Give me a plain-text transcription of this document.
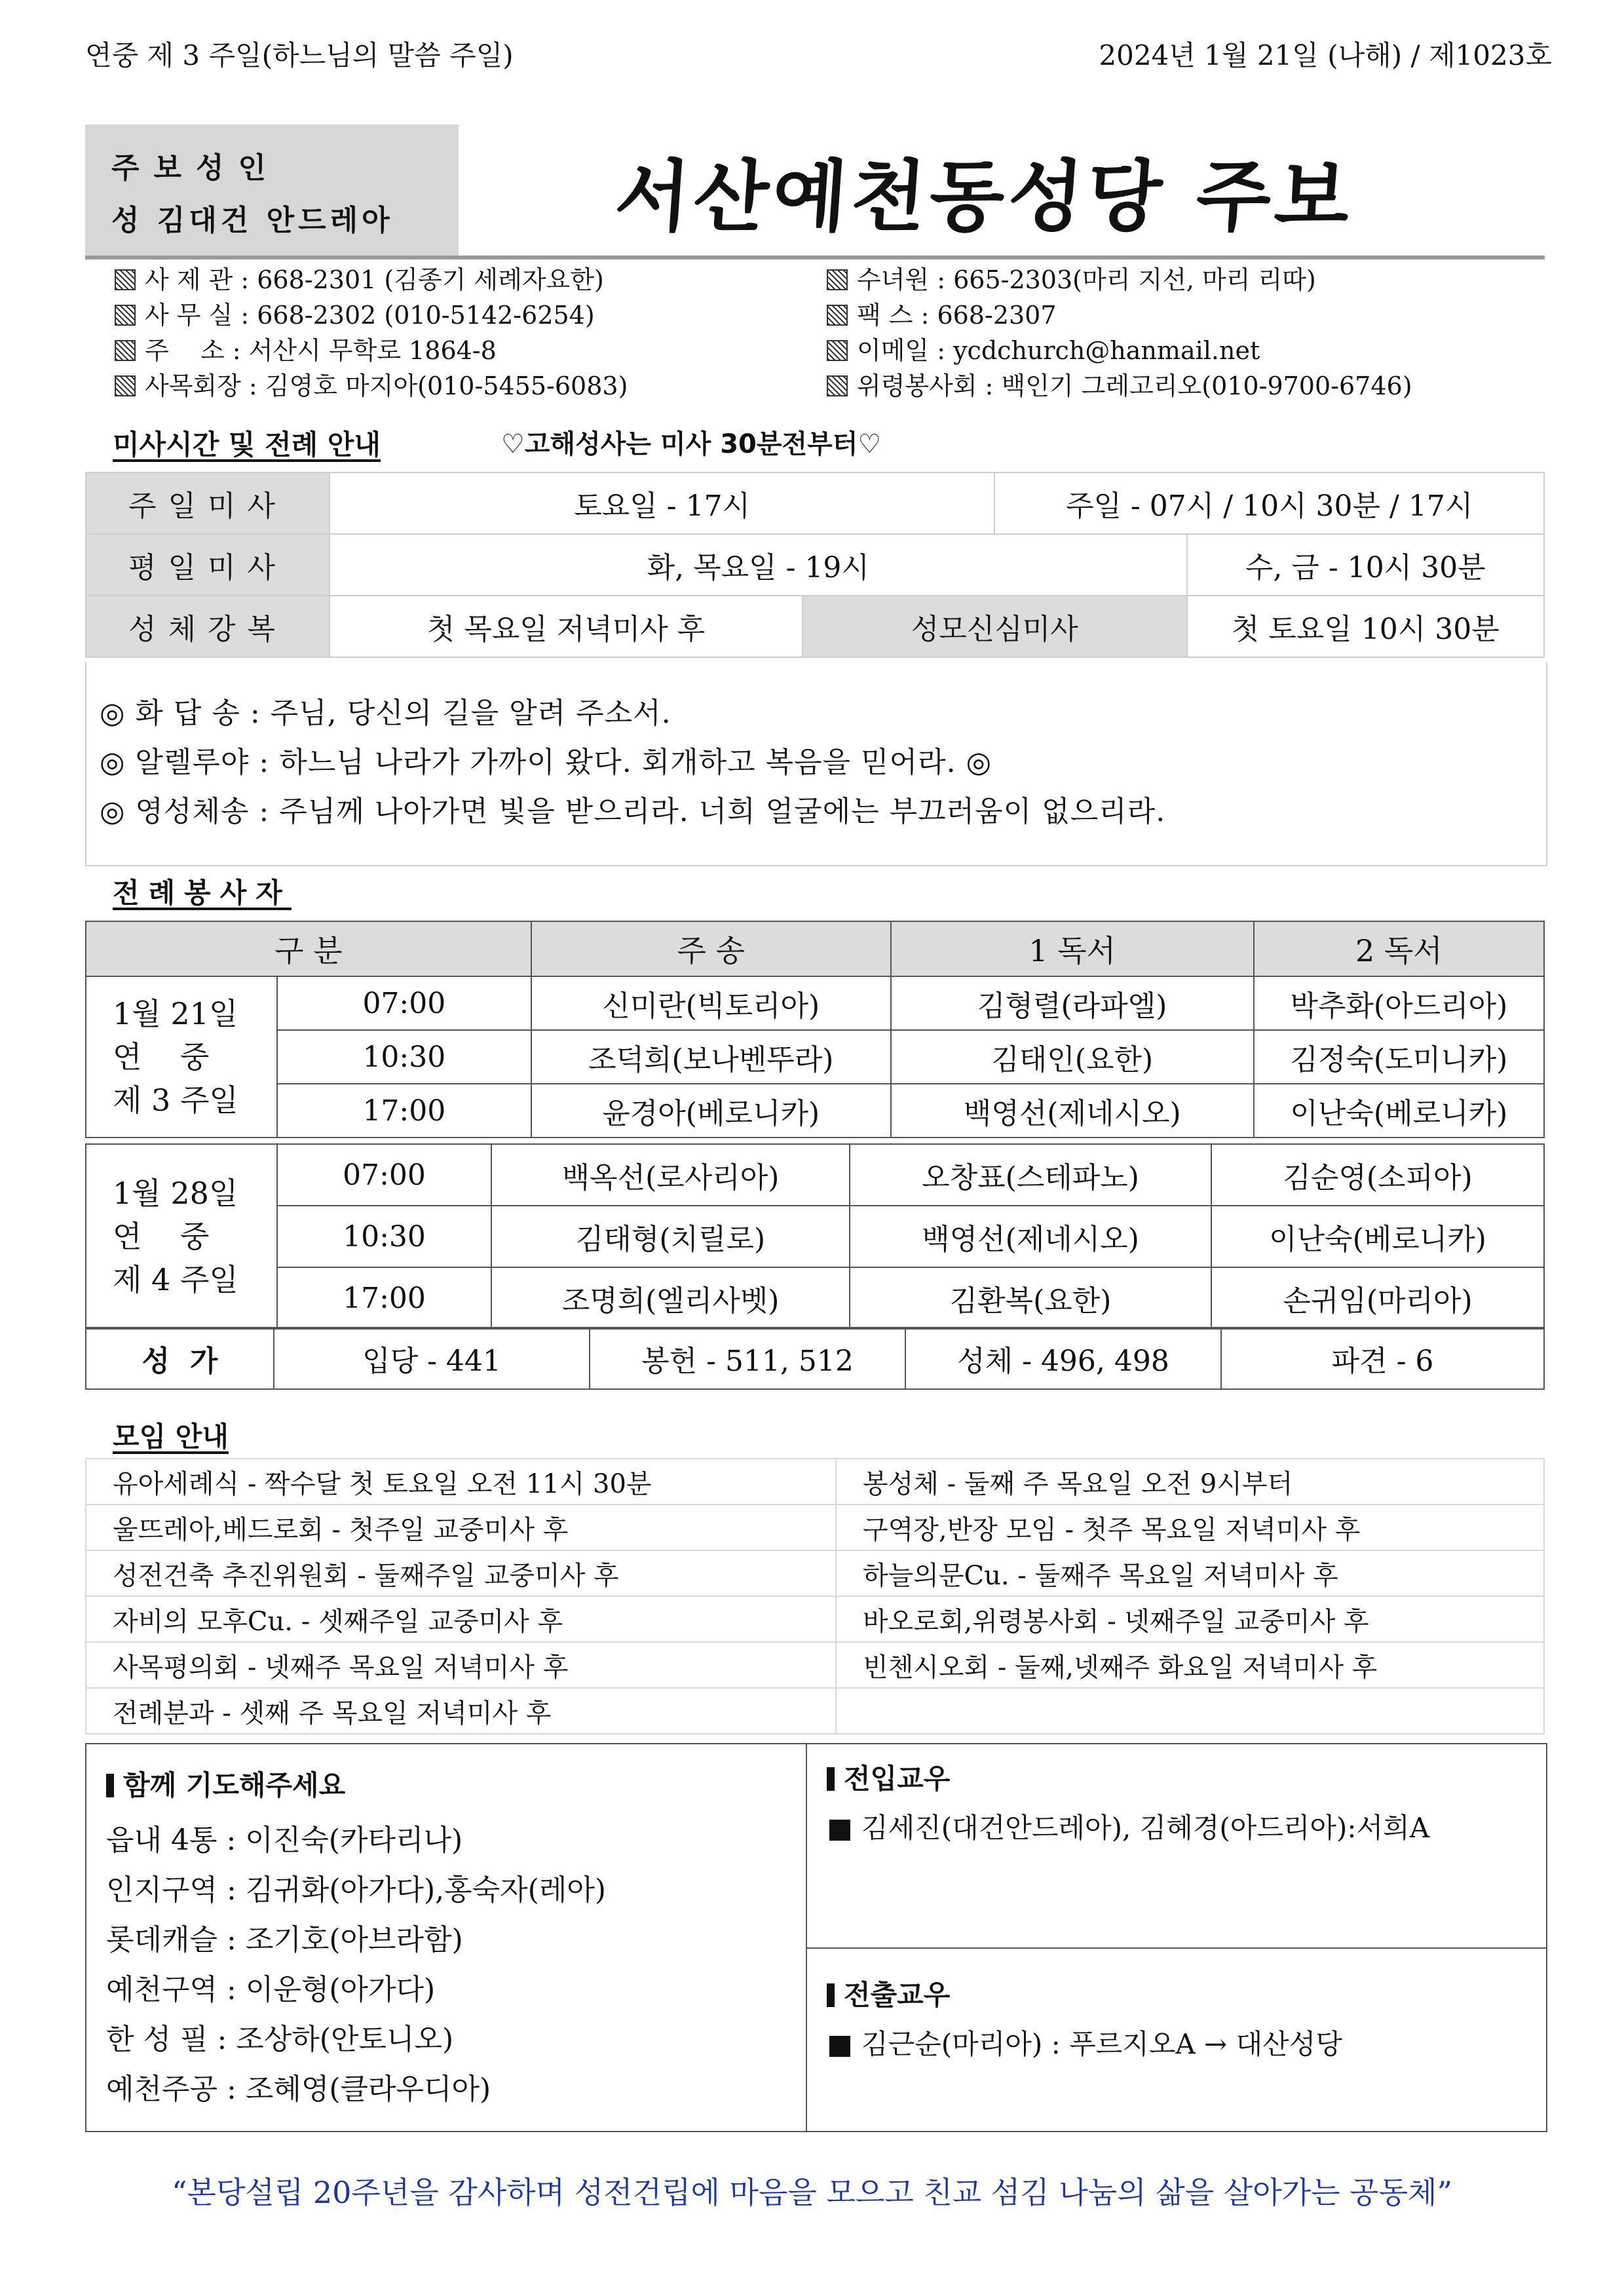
연중 제 3 주일(하느님의 말씀 주일)	2024년 1월 21일 (나해) / 제1023호
주보성인
성 김대건 안드레아	서산예천동성당 주보
사 제 관 : 668-2301 (김종기 세례자요한)
사 무 실 : 668-2302 (010-5142-6254)
주    소 : 서산시 무학로 1864-8
사목회장 : 김영호 마지아(010-5455-6083)
수녀원 : 665-2303(마리 지선, 마리 리따)
팩 스 : 668-2307
이메일 : ycdchurch@hanmail.net
위령봉사회 : 백인기 그레고리오(010-9700-6746)
미사시간 및 전례 안내	♡고해성사는 미사 30분전부터♡
주일미사	토요일 - 17시		주일 - 07시 / 10시 30분 / 17시	
평일미사	화, 목요일 - 19시			수, 금 - 10시 30분
성체강복	첫 목요일 저녁미사 후	성모신심미사		첫 토요일 10시 30분
◎ 화 답 송 : 주님, 당신의 길을 알려 주소서.
◎ 알렐루야 : 하느님 나라가 가까이 왔다. 회개하고 복음을 믿어라. ◎
◎ 영성체송 : 주님께 나아가면 빛을 받으리라. 너희 얼굴에는 부끄러움이 없으리라.
전례봉사자
구 분		주 송	1 독서	2 독서

1월 21일
연    중
제 3 주일	07:00	신미란(빅토리아)	김형렬(라파엘)	박추화(아드리아)
	10:30	조덕희(보나벤뚜라)	김태인(요한)	김정숙(도미니카)
	17:00	윤경아(베로니카)	백영선(제네시오)	이난숙(베로니카)
1월 28일
연    중
제 4 주일	07:00	백옥선(로사리아)	오창표(스테파노)	김순영(소피아)
	10:30	김태형(치릴로)	백영선(제네시오)	이난숙(베로니카)
	17:00	조명희(엘리사벳)	김환복(요한)	손귀임(마리아)
성  가	입당 - 441	봉헌 - 511, 512	성체 - 496, 498	파견 - 6
모임 안내
유아세례식 - 짝수달 첫 토요일 오전 11시 30분	봉성체 - 둘째 주 목요일 오전 9시부터
울뜨레아,베드로회 - 첫주일 교중미사 후	구역장,반장 모임 - 첫주 목요일 저녁미사 후
성전건축 추진위원회 - 둘째주일 교중미사 후	하늘의문Cu. - 둘째주 목요일 저녁미사 후
자비의 모후Cu. - 셋째주일 교중미사 후	바오로회,위령봉사회 - 넷째주일 교중미사 후
사목평의회 - 넷째주 목요일 저녁미사 후	빈첸시오회 - 둘째,넷째주 화요일 저녁미사 후
전례분과 - 셋째 주 목요일 저녁미사 후	
함께 기도해주세요
읍내 4통 : 이진숙(카타리나)
인지구역 : 김귀화(아가다),홍숙자(레아)
롯데캐슬 : 조기호(아브라함)
예천구역 : 이운형(아가다)
한 성 필 : 조상하(안토니오)
예천주공 : 조혜영(클라우디아)
전입교우
■ 김세진(대건안드레아), 김혜경(아드리아):서희A
전출교우
■ 김근순(마리아) : 푸르지오A → 대산성당
“본당설립 20주년을 감사하며 성전건립에 마음을 모으고 친교 섬김 나눔의 삶을 살아가는 공동체”
